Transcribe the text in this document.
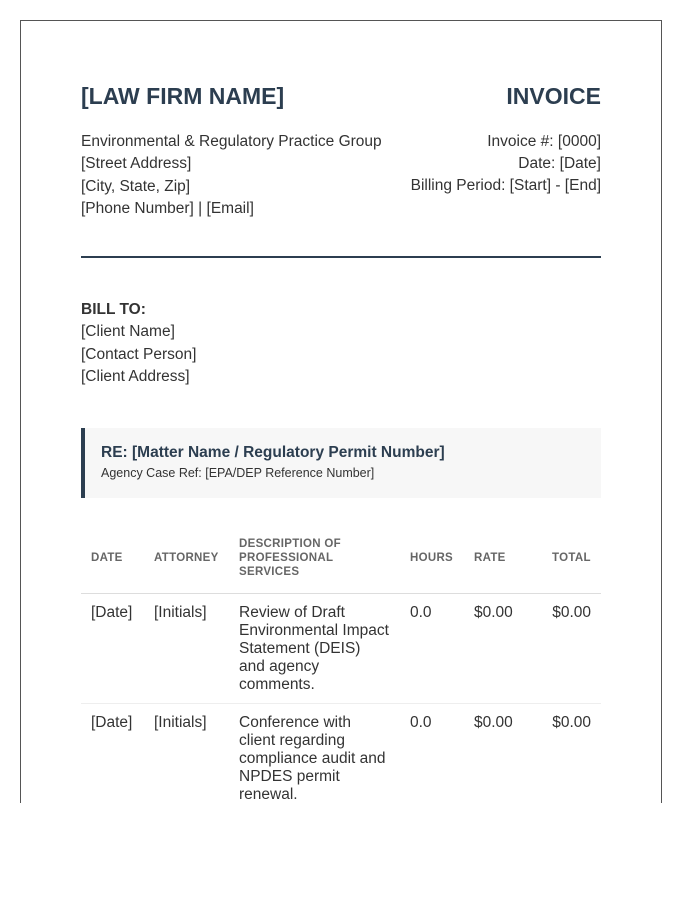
[LAW FIRM NAME]	INVOICE
Environmental & Regulatory Practice Group
[Street Address]
[City, State, Zip]
[Phone Number] | [Email]
Invoice #: [0000]
Date: [Date]
Billing Period: [Start] - [End]
BILL TO:
[Client Name]
[Contact Person]
[Client Address]
RE: [Matter Name / Regulatory Permit Number]
Agency Case Ref: [EPA/DEP Reference Number]
DATE	ATTORNEY	DESCRIPTION OF PROFESSIONAL SERVICES	HOURS	RATE	TOTAL
[Date]	[Initials]	Review of Draft Environmental Impact Statement (DEIS) and agency comments.	0.0	$0.00	$0.00
[Date]	[Initials]	Conference with client regarding compliance audit and NPDES permit renewal.	0.0	$0.00	$0.00
